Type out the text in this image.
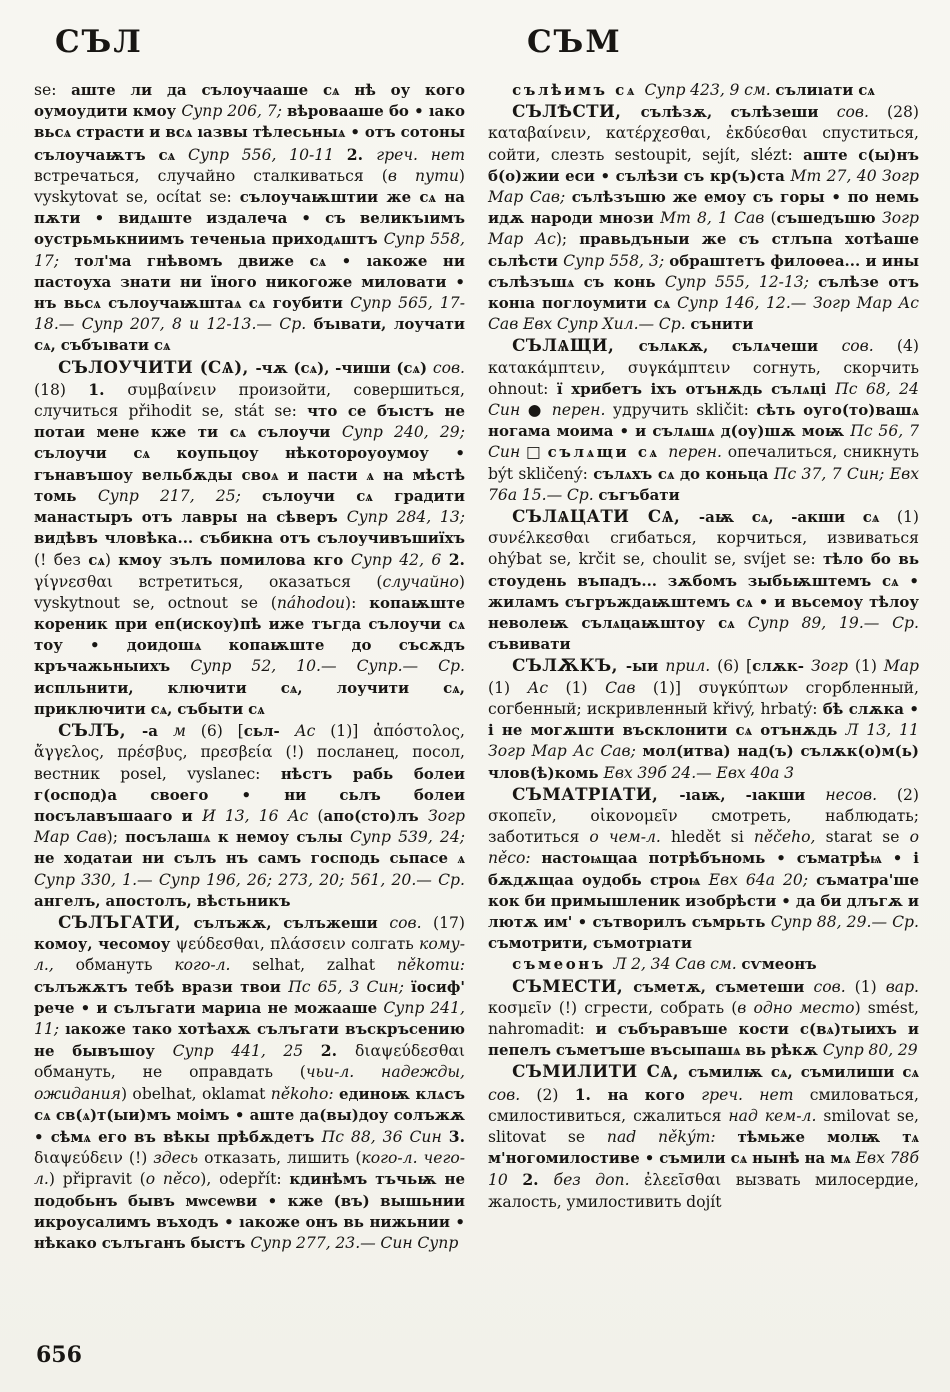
СЪЛ	СЪМ

se: аште ли да сълоучааше сѧ нѣ оу кого оумоудити кмоу Супр 206, 7; вѣровааше бо • ıако вьсѧ страсти и всѧ ıазвы тѣлесьныѧ • отъ сотоны сълоучаѭтъ сѧ Супр 556, 10-11 2. греч. нет встречаться, случайно сталкиваться (в пути) vyskytovat se, ocítat se: сълоучаѭштии же сѧ на пѫти • видѧште издалеча • съ великъıимъ оустрьмькниимъ теченьıа приходѧштъ Супр 558, 17; тол'ма гнѣвомъ движе сѧ • ıакоже ни пастоуха знати ни їного никогоже миловати • нъ вьсѧ сълоучаѭштаѧ сѧ гоубити Супр 565, 17-18.— Супр 207, 8 и 12-13.— Ср. бъıвати, лоучати сѧ, събъıвати сѧ

СЪЛОУЧИТИ (СѦ), -чѫ (сѧ), -чиши (сѧ) сов. (18) 1. συμβαίνειν произойти, совершиться, случиться přihodit se, stát se: что се бъıстъ не потаи мене кже ти сѧ сълоучи Супр 240, 29; сълоучи сѧ коупьцоу нѣкотороуоумоу • гънавъшоу вельбѫды своѧ и пасти ѧ на мѣстѣ томь Супр 217, 25; сълоучи сѧ градити манастыръ отъ лавры на сѣверъ Супр 284, 13; видѣвъ чловѣка... събикна отъ сълоучивъшиїхъ (! без сѧ) кмоу зълъ помилова кго Супр 42, 6 2. γίγνεσθαι встретиться, оказаться (случайно) vyskytnout se, octnout se (náhodou): копаѭште кореник при еп(искоу)пѣ иже тъгда сълоучи сѧ тоу • доидошѧ копаѭште до съсѫдъ кръчажьныихъ Супр 52, 10.— Супр.— Ср. испльнити, ключити сѧ, лоучити сѧ, приключити сѧ, събыти сѧ

СЪЛЪ, -а м (6) [сьл- Ас (1)] ἀπόστολος, ἄγγελος, πρέσβυς, πρεσβεία (!) посланец, посол, вестник posel, vyslanec: нѣстъ рабь болеи г(оспод)а своего • ни сьлъ болеи посълавъшааго и И 13, 16 Ас (апо(сто)лъ Зогр Мар Сав); посълашѧ к немоу сълы Супр 539, 24; не ходатаи ни сълъ нъ самъ господь сьпасе ѧ Супр 330, 1.— Супр 196, 26; 273, 20; 561, 20.— Ср. ангелъ, апостолъ, вѣстьникъ

СЪЛЪГАТИ, сълъжѫ, сълъжеши сов. (17) комоу, чесомоу ψεύδεσθαι, πλάσσειν солгать кому-л., обмануть кого-л. selhat, zalhat někomu: сълъжѫтъ тебѣ врази твои Пс 65, 3 Син; їосиф' рече • и сълъгати мариıа не можааше Супр 241, 11; ıакоже тако хотѣахѫ сълъгати въскръсению не бывъшоу Супр 441, 25 2. διαψεύδεσθαι обмануть, не оправдать (чьи-л. надежды, ожидания) obelhat, oklamat někoho: единоѭ клѧсъ сѧ св(ѧ)т(ыи)мъ моімъ • аште да(вы)доу солъжѫ • сѣмѧ его въ вѣкы прѣбѫдетъ Пс 88, 36 Син 3. διαψεύδειν (!) здесь отказать, лишить (кого-л. чего-л.) připravit (o něco), odepřít: кдинѣмъ тъчьѭ не подобьнъ бывъ мѡсеѡви • кже (въ) вышьнии икроусалимъ въходъ • ıакоже онъ вь нижьнии • нѣкако сълъганъ быстъ Супр 277, 23.— Син Супр

сълѣимъ сѧ Супр 423, 9 см. сълиıати сѧ

СЪЛѢСТИ, сълѣзѫ, сълѣзеши сов. (28) καταβαίνειν, κατέρχεσθαι, ἐκδύεσθαι спуститься, сойти, слезть sestoupit, sejít, slézt: аште с(ы)нъ б(о)жии еси • сълѣзи съ кр(ъ)ста Мт 27, 40 Зогр Мар Сав; сълѣзъшю же емоу съ горы • по немь идѫ народи мнози Мт 8, 1 Сав (съшедъшю Зогр Мар Ас); правьдъныи же съ стлъпа хотѣаше сьлѣсти Супр 558, 3; обраштетъ филоѳеа... и ины сълѣзъшѧ съ конь Супр 555, 12-13; сълѣзе отъ конıа поглоумити сѧ Супр 146, 12.— Зогр Мар Ас Сав Евх Супр Хил.— Ср. сънити

СЪЛѦЩИ, сълѧкѫ, сълѧчеши сов. (4) κατακάμπτειν, συγκάμπτειν согнуть, скорчить ohnout: ї хрибетъ іхъ отънѫдь сълѧці Пс 68, 24 Син ● перен. удручить skličit: сѣть оуго(то)вашѧ ногама моима • и сълѧшѧ д(оу)шѫ моѭ Пс 56, 7 Син □ сълѧщи сѧ перен. опечалиться, сникнуть být skličený: сълѧхъ сѧ до коньца Пс 37, 7 Син; Евх 76а 15.— Ср. съгъбати

СЪЛѦЦАТИ СѦ, -аѭ сѧ, -акши сѧ (1) συνέλκεσθαι сгибаться, корчиться, извиваться ohýbat se, krčit se, choulit se, svíjet se: тѣло бо вь стоудень въпадъ... зѫбомъ зыбьѭштемъ сѧ • жиламъ съгръждаѭштемъ сѧ • и вьсемоу тѣлоу неволеѭ сълѧцаѭштоу сѧ Супр 89, 19.— Ср. съвивати

СЪЛѪКЪ, -ыи прил. (6) [слѫк- Зогр (1) Мар (1) Ас (1) Сав (1)] συγκύπτων сгорбленный, согбенный; искривленный křivý, hrbatý: бѣ слѫка • і не могѫшти въсклонити сѧ отънѫдь Л 13, 11 Зогр Мар Ас Сав; мол(итва) над(ъ) сълѫк(о)м(ь) члов(ѣ)комь Евх 39б 24.— Евх 40а 3

СЪМАТРІАТИ, -ıаѭ, -ıакши несов. (2) σκοπεῖν, οἰκονομεῖν смотреть, наблюдать; заботиться о чем-л. hledět si něčeho, starat se o něco: настоѩщаа потрѣбъномь • съматрѣѩ • і бѫдѫщаа оудобь строѩ Евх 64а 20; съматра'ше кок би примышленик изобрѣсти • да би длъгѫ и лютѫ им' • сътворилъ съмрьть Супр 88, 29.— Ср. съмотрити, съмотрıати

съмеонъ Л 2, 34 Сав см. сѵмеонъ

СЪМЕСТИ, съметѫ, съметеши сов. (1) вар. κοσμεῖν (!) сгрести, собрать (в одно место) smést, nahromadit: и събъравъше кости с(вѧ)тыихъ и пепелъ съметъше въсыпашѧ вь рѣкѫ Супр 80, 29

СЪМИЛИТИ СѦ, съмилѭ сѧ, съмилиши сѧ сов. (2) 1. на кого греч. нет смиловаться, смилостивиться, сжалиться над кем-л. smilovat se, slitovat se nad někým: тѣмьже молѭ тѧ м'ногомилостиве • съмили сѧ нынѣ на мѧ Евх 78б 10 2. без доп. ἐλεεῖσθαι вызвать милосердие, жалость, умилостивить dojít

656
